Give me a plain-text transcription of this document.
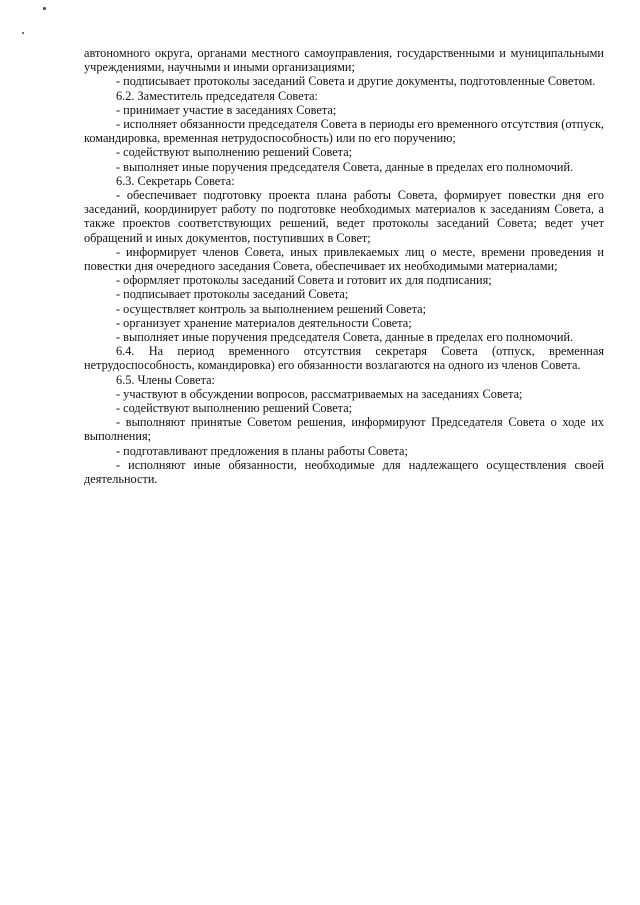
автономного округа, органами местного самоуправления, государственными и муниципальными учреждениями, научными и иными организациями;

- подписывает протоколы заседаний Совета и другие документы, подготовленные Советом.

6.2. Заместитель председателя Совета:

- принимает участие в заседаниях Совета;

- исполняет обязанности председателя Совета в периоды его временного отсутствия (отпуск, командировка, временная нетрудоспособность) или по его поручению;

- содействуют выполнению решений Совета;

- выполняет иные поручения председателя Совета, данные в пределах его полномочий.

6.3. Секретарь Совета:

- обеспечивает подготовку проекта плана работы Совета, формирует повестки дня его заседаний, координирует работу по подготовке необходимых материалов к заседаниям Совета, а также проектов соответствующих решений, ведет протоколы заседаний Совета; ведет учет обращений и иных документов, поступивших в Совет;

- информирует членов Совета, иных привлекаемых лиц о месте, времени проведения и повестки дня очередного заседания Совета, обеспечивает их необходимыми материалами;

- оформляет протоколы заседаний Совета и готовит их для подписания;

- подписывает протоколы заседаний Совета;

- осуществляет контроль за выполнением решений Совета;

- организует хранение материалов деятельности Совета;

- выполняет иные поручения председателя Совета, данные в пределах его полномочий.

6.4. На период временного отсутствия секретаря Совета (отпуск, временная нетрудоспособность, командировка) его обязанности возлагаются на одного из членов Совета.

6.5. Члены Совета:

- участвуют в обсуждении вопросов, рассматриваемых на заседаниях Совета;

- содействуют выполнению решений Совета;

- выполняют принятые Советом решения, информируют Председателя Совета о ходе их выполнения;

- подготавливают предложения в планы работы Совета;

- исполняют иные обязанности, необходимые для надлежащего осуществления своей деятельности.
